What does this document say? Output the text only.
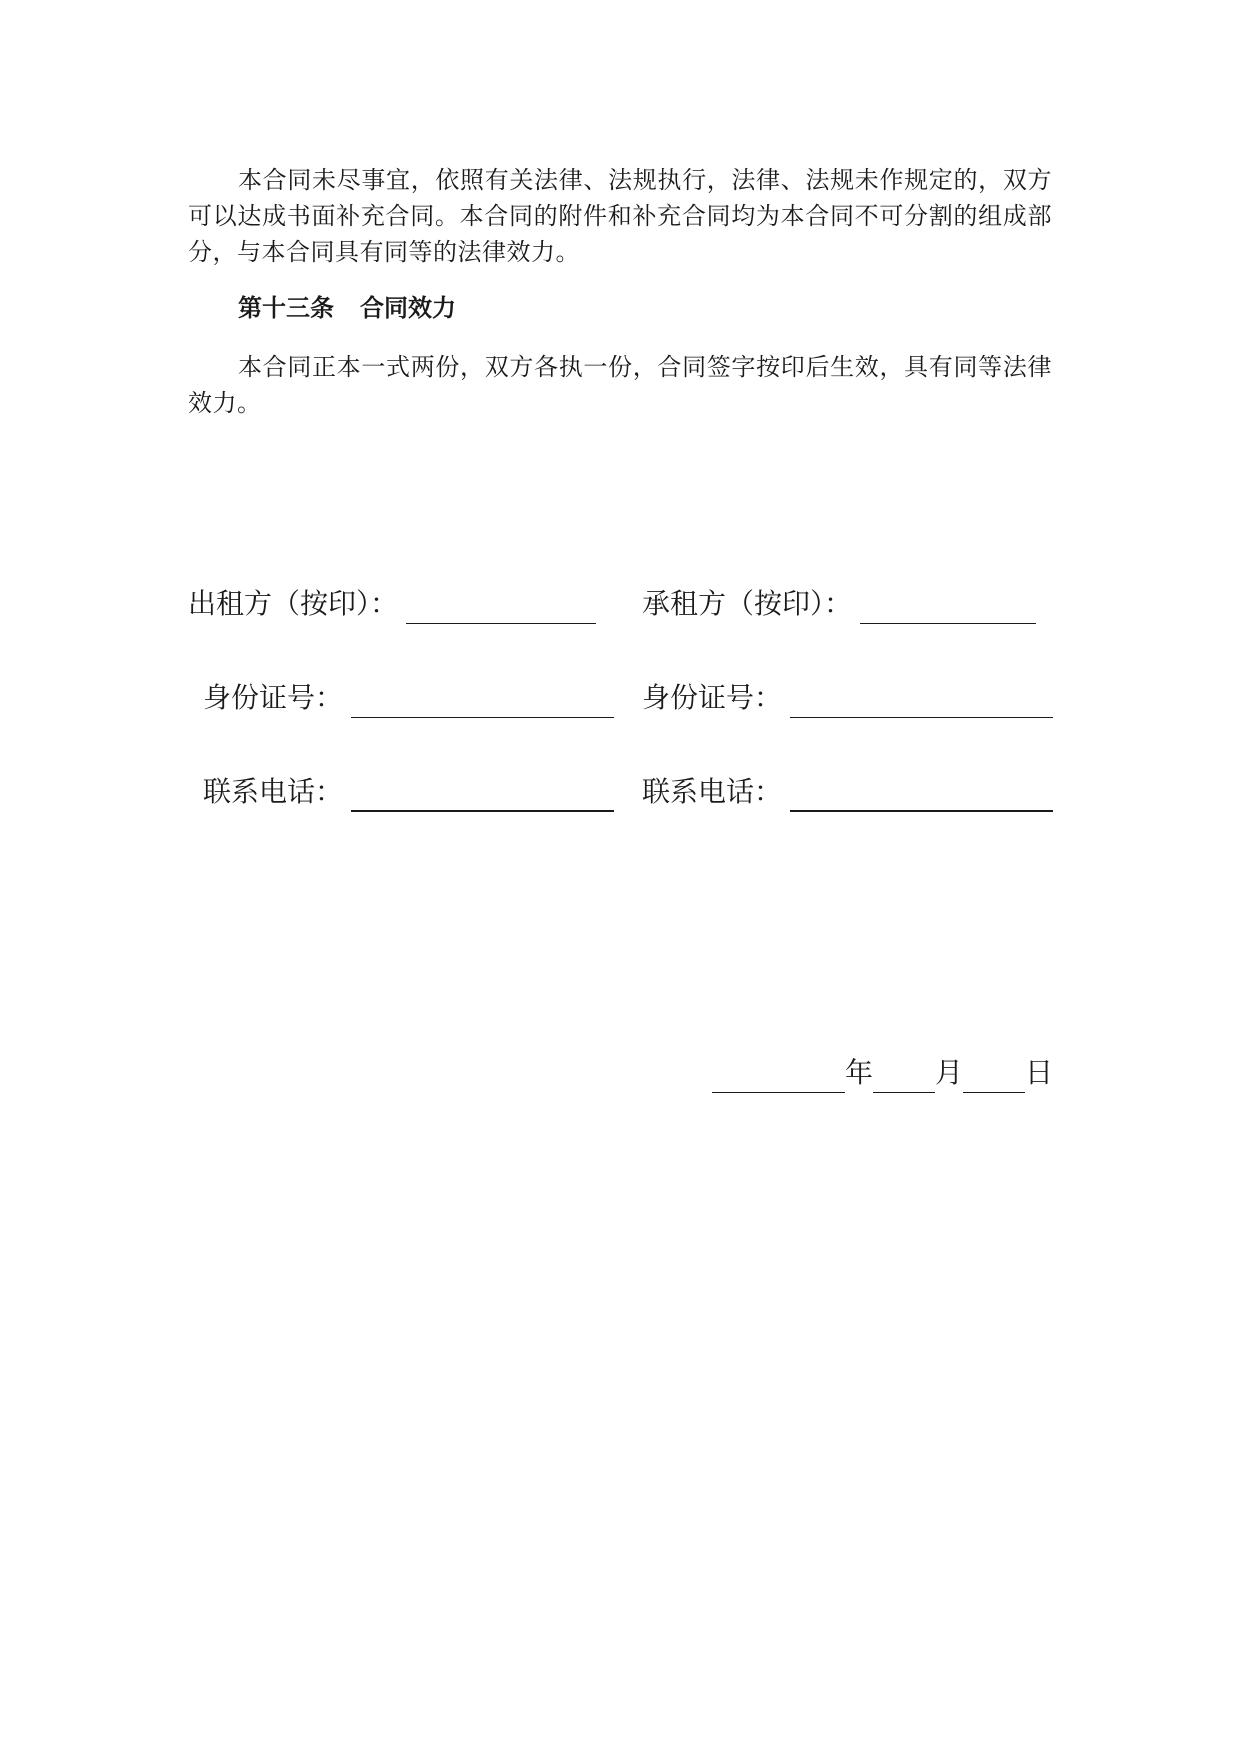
本合同未尽事宜，依照有关法律、法规执行，法律、法规未作规定的，双方可以达成书面补充合同。本合同的附件和补充合同均为本合同不可分割的组成部分，与本合同具有同等的法律效力。

第十三条 合同效力

本合同正本一式两份，双方各执一份，合同签字按印后生效，具有同等法律效力。

出租方（按印）：	承租方（按印）：
身份证号：	身份证号：
联系电话：	联系电话：
年 月 日
